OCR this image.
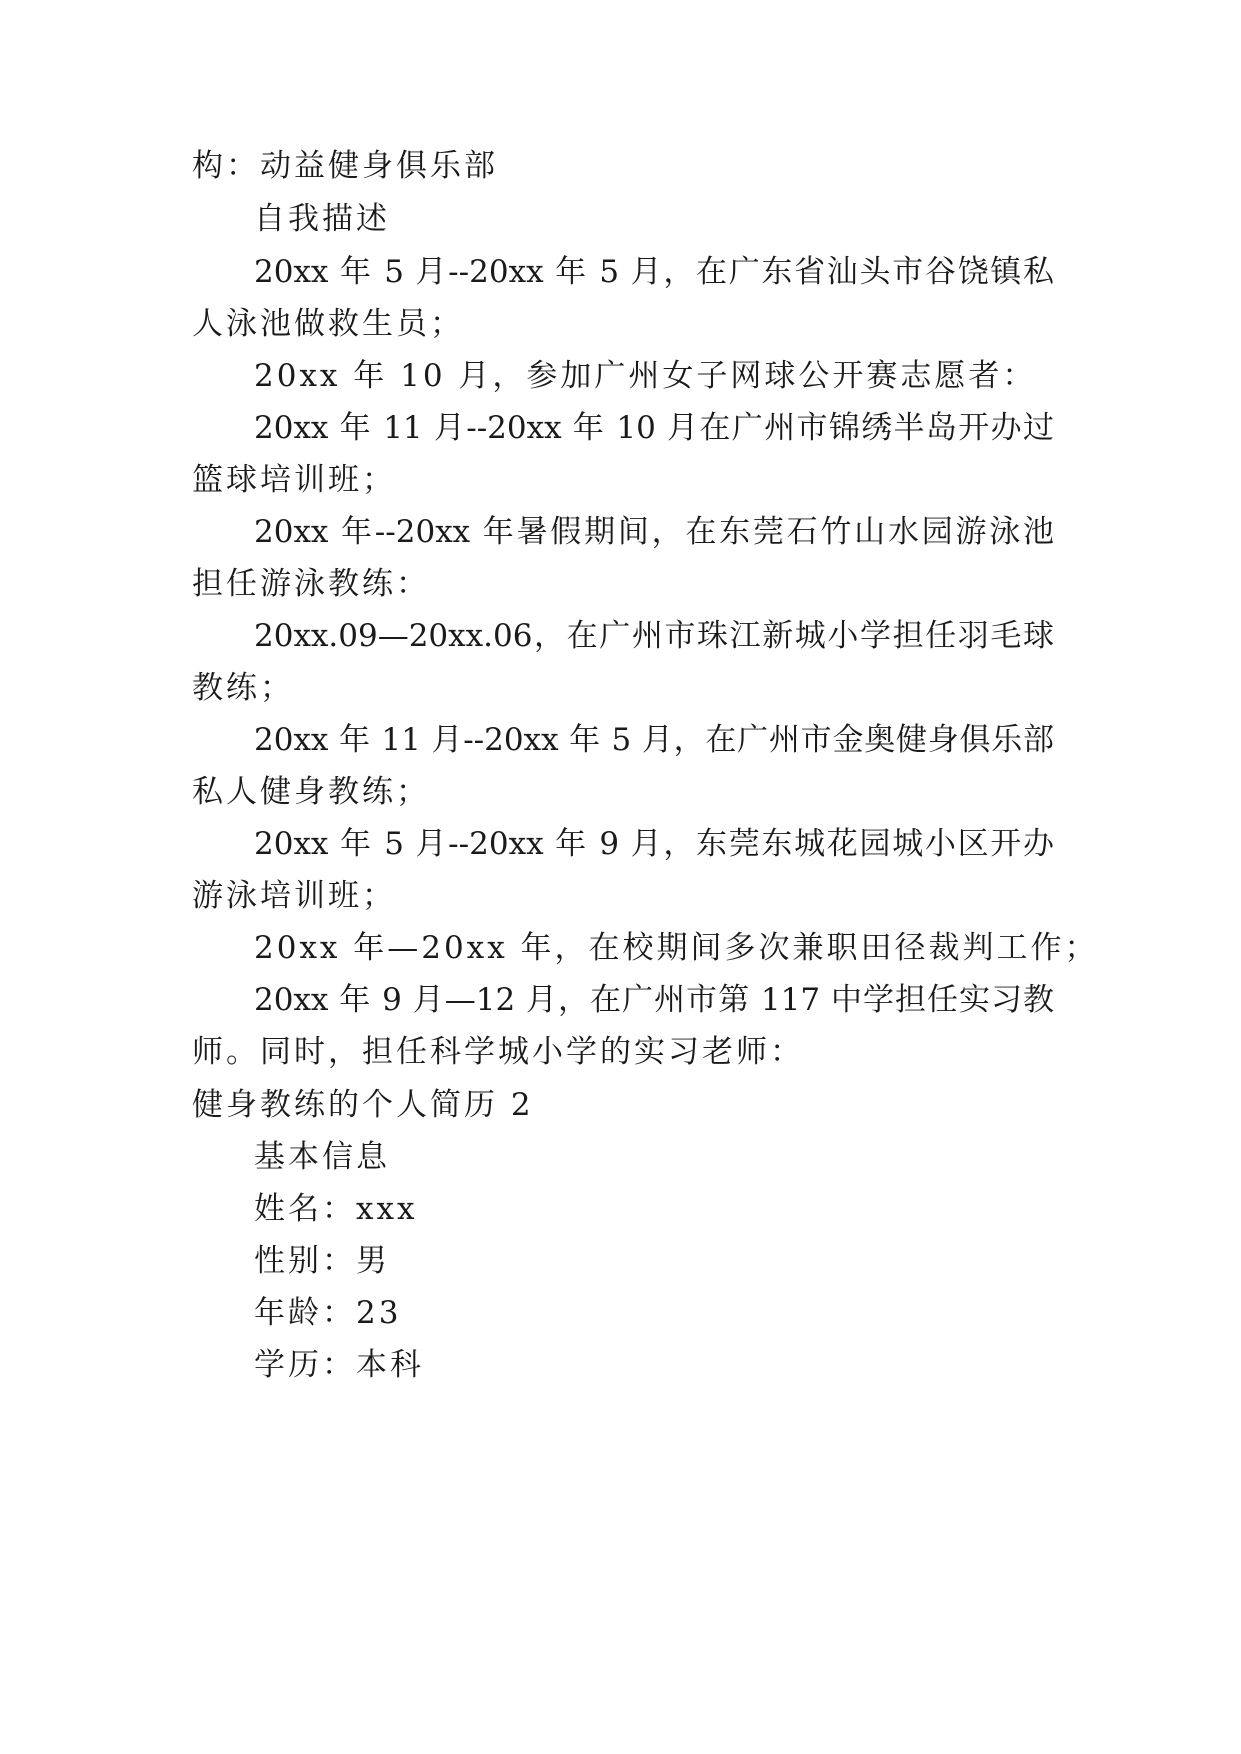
构：动益健身俱乐部
自我描述
20xx 年 5 月--20xx 年 5 月，在广东省汕头市谷饶镇私
人泳池做救生员；
20xx 年 10 月，参加广州女子网球公开赛志愿者：
20xx 年 11 月--20xx 年 10 月在广州市锦绣半岛开办过
篮球培训班；
20xx 年--20xx 年暑假期间，在东莞石竹山水园游泳池
担任游泳教练：
20xx.09—20xx.06，在广州市珠江新城小学担任羽毛球
教练；
20xx 年 11 月--20xx 年 5 月，在广州市金奥健身俱乐部
私人健身教练；
20xx 年 5 月--20xx 年 9 月，东莞东城花园城小区开办
游泳培训班；
20xx 年—20xx 年，在校期间多次兼职田径裁判工作；
20xx 年 9 月—12 月，在广州市第 117 中学担任实习教
师。同时，担任科学城小学的实习老师：
健身教练的个人简历 2
基本信息
姓名：xxx
性别：男
年龄：23
学历：本科
